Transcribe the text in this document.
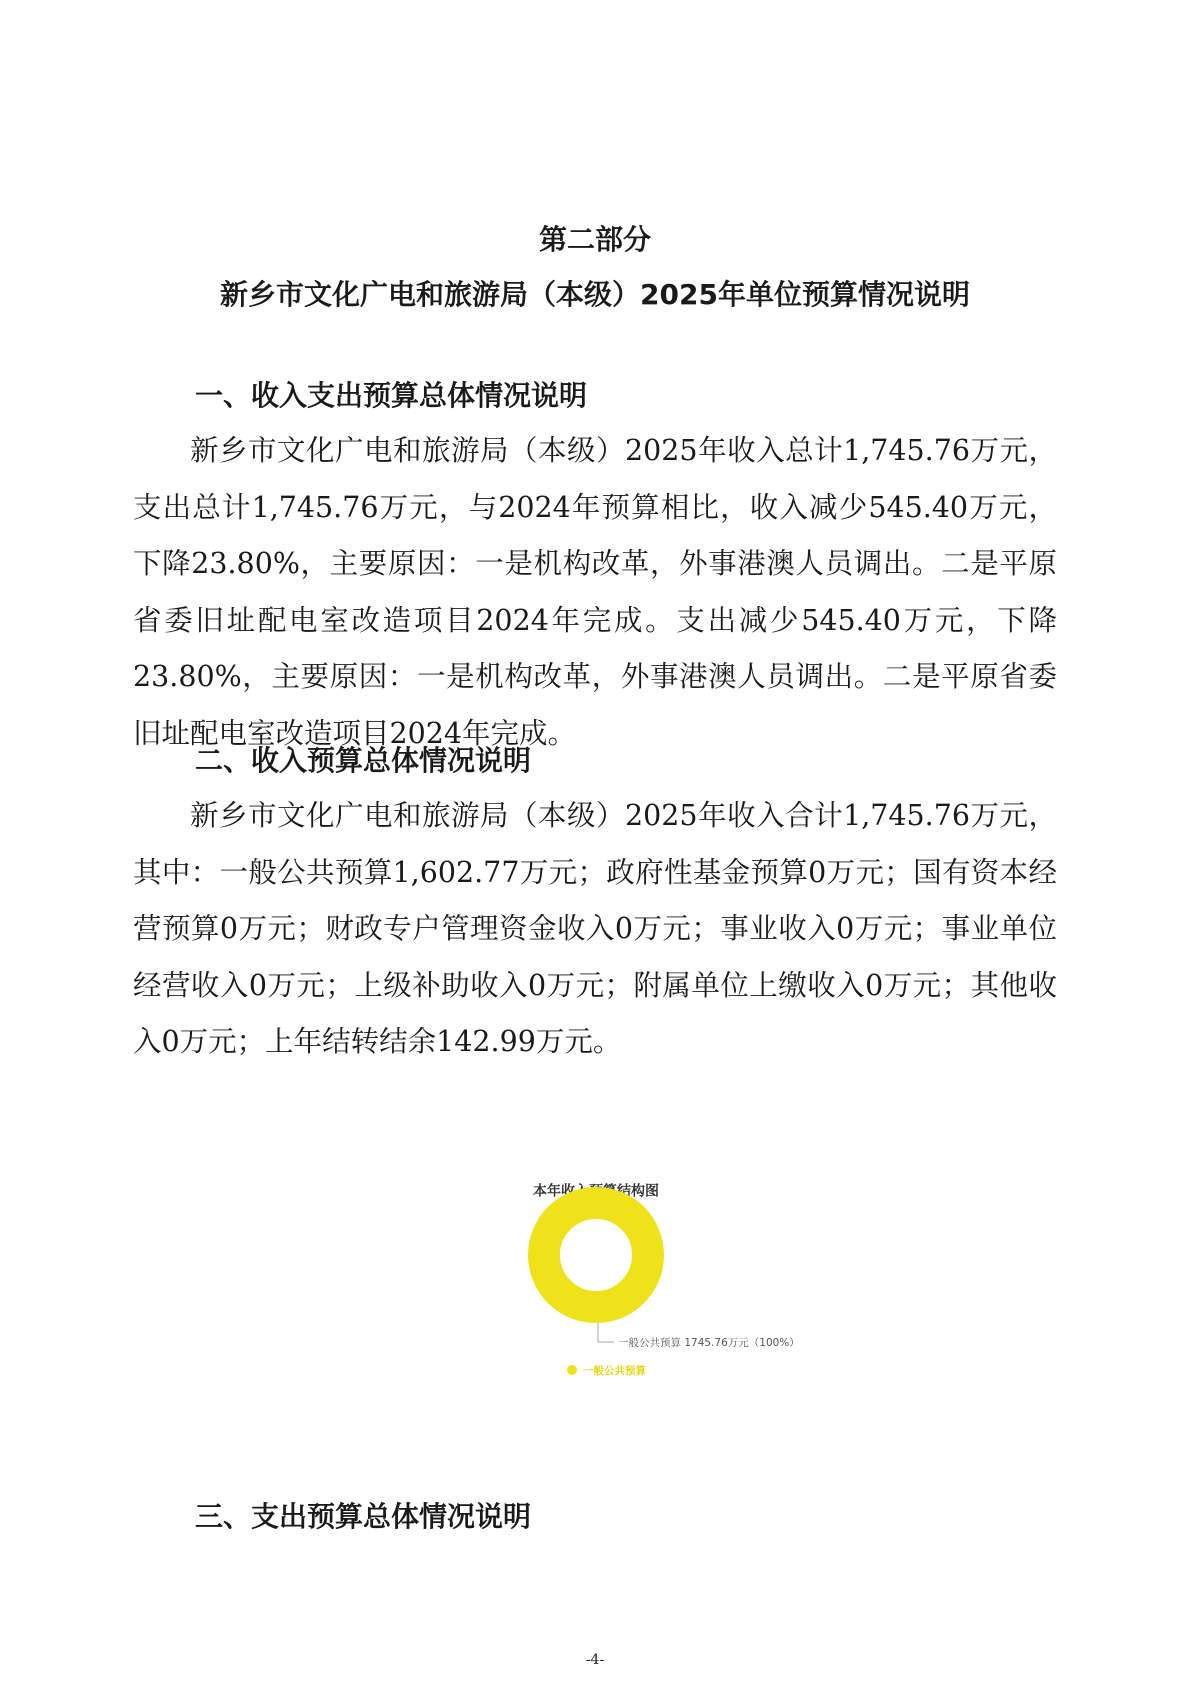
第二部分
新乡市文化广电和旅游局（本级）2025年单位预算情况说明
一、收入支出预算总体情况说明

新乡市文化广电和旅游局（本级）2025年收入总计1,745.76万元，支出总计1,745.76万元，与2024年预算相比，收入减少545.40万元，下降23.80%，主要原因：一是机构改革，外事港澳人员调出。二是平原省委旧址配电室改造项目2024年完成。支出减少545.40万元，下降23.80%，主要原因：一是机构改革，外事港澳人员调出。二是平原省委旧址配电室改造项目2024年完成。

二、收入预算总体情况说明

新乡市文化广电和旅游局（本级）2025年收入合计1,745.76万元，其中：一般公共预算1,602.77万元；政府性基金预算0万元；国有资本经营预算0万元；财政专户管理资金收入0万元；事业收入0万元；事业单位经营收入0万元；上级补助收入0万元；附属单位上缴收入0万元；其他收入0万元；上年结转结余142.99万元。

本年收入预算结构图
一般公共预算 1745.76万元（100%）
一般公共预算
三、支出预算总体情况说明
-4-
